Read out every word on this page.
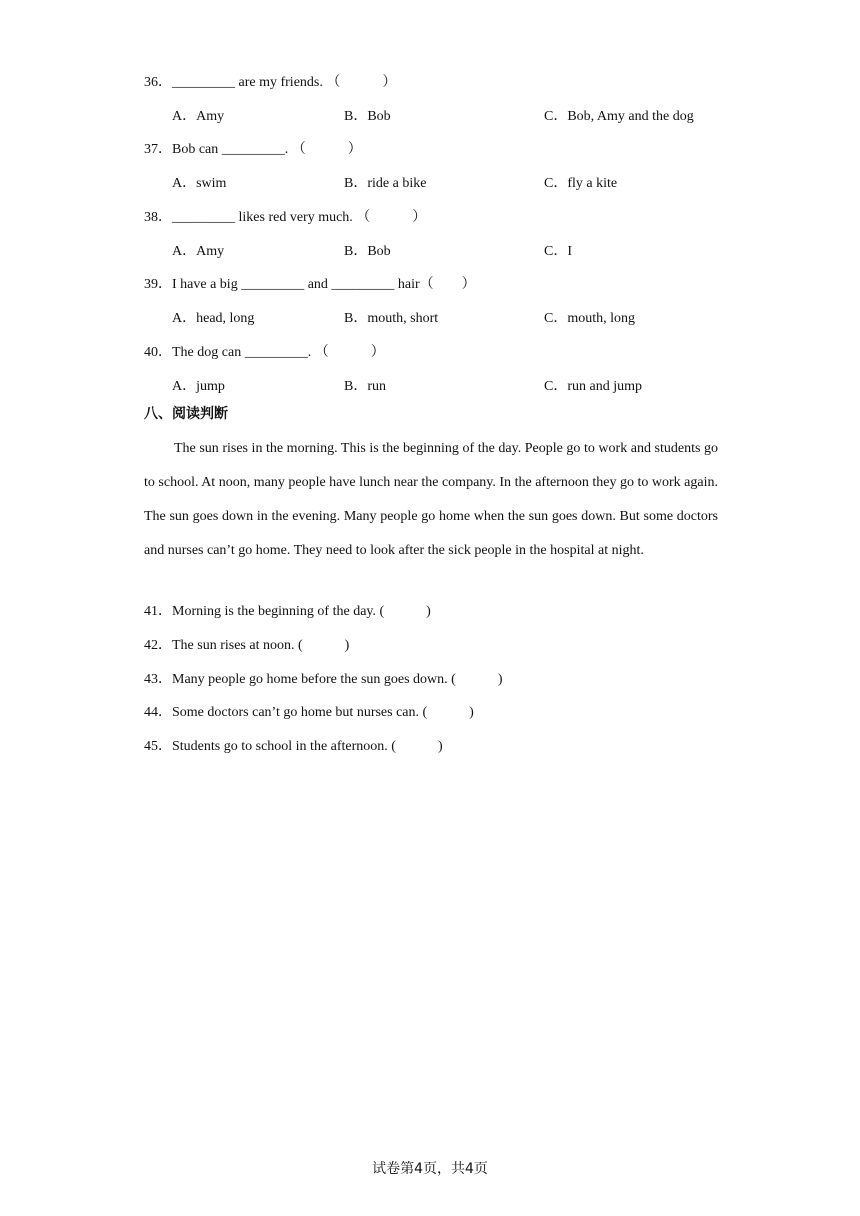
36．_________ are my friends. （　　　）
A．Amy	B．Bob	C．Bob, Amy and the dog
37．Bob can _________. （　　　）
A．swim	B．ride a bike	C．fly a kite
38．_________ likes red very much. （　　　）
A．Amy	B．Bob	C．I
39．I have a big _________ and _________ hair（　　）
A．head, long	B．mouth, short	C．mouth, long
40．The dog can _________. （　　　）
A．jump	B．run	C．run and jump
八、阅读判断

The sun rises in the morning. This is the beginning of the day. People go to work and students go to school. At noon, many people have lunch near the company. In the afternoon they go to work again. The sun goes down in the evening. Many people go home when the sun goes down. But some doctors and nurses can’t go home. They need to look after the sick people in the hospital at night.

41．Morning is the beginning of the day. (　　　)
42．The sun rises at noon. (　　　)
43．Many people go home before the sun goes down. (　　　)
44．Some doctors can’t go home but nurses can. (　　　)
45．Students go to school in the afternoon. (　　　)
试卷第4页，共4页
